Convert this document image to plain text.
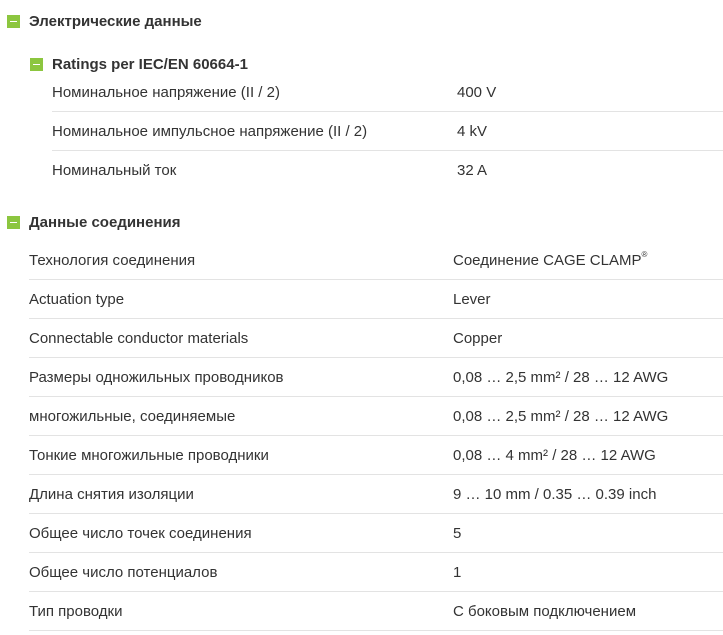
Электрические данные
Ratings per IEC/EN 60664-1
Номинальное напряжение (II / 2)	400 V
Номинальное импульсное напряжение (II / 2)	4 kV
Номинальный ток	32 A
Данные соединения
Технология соединения	Соединение CAGE CLAMP®
Actuation type	Lever
Connectable conductor materials	Copper
Размеры одножильных проводников	0,08 … 2,5 mm² / 28 … 12 AWG
многожильные, соединяемые	0,08 … 2,5 mm² / 28 … 12 AWG
Тонкие многожильные проводники	0,08 … 4 mm² / 28 … 12 AWG
Длина снятия изоляции	9 … 10 mm / 0.35 … 0.39 inch
Общее число точек соединения	5
Общее число потенциалов	1
Тип проводки	С боковым подключением
